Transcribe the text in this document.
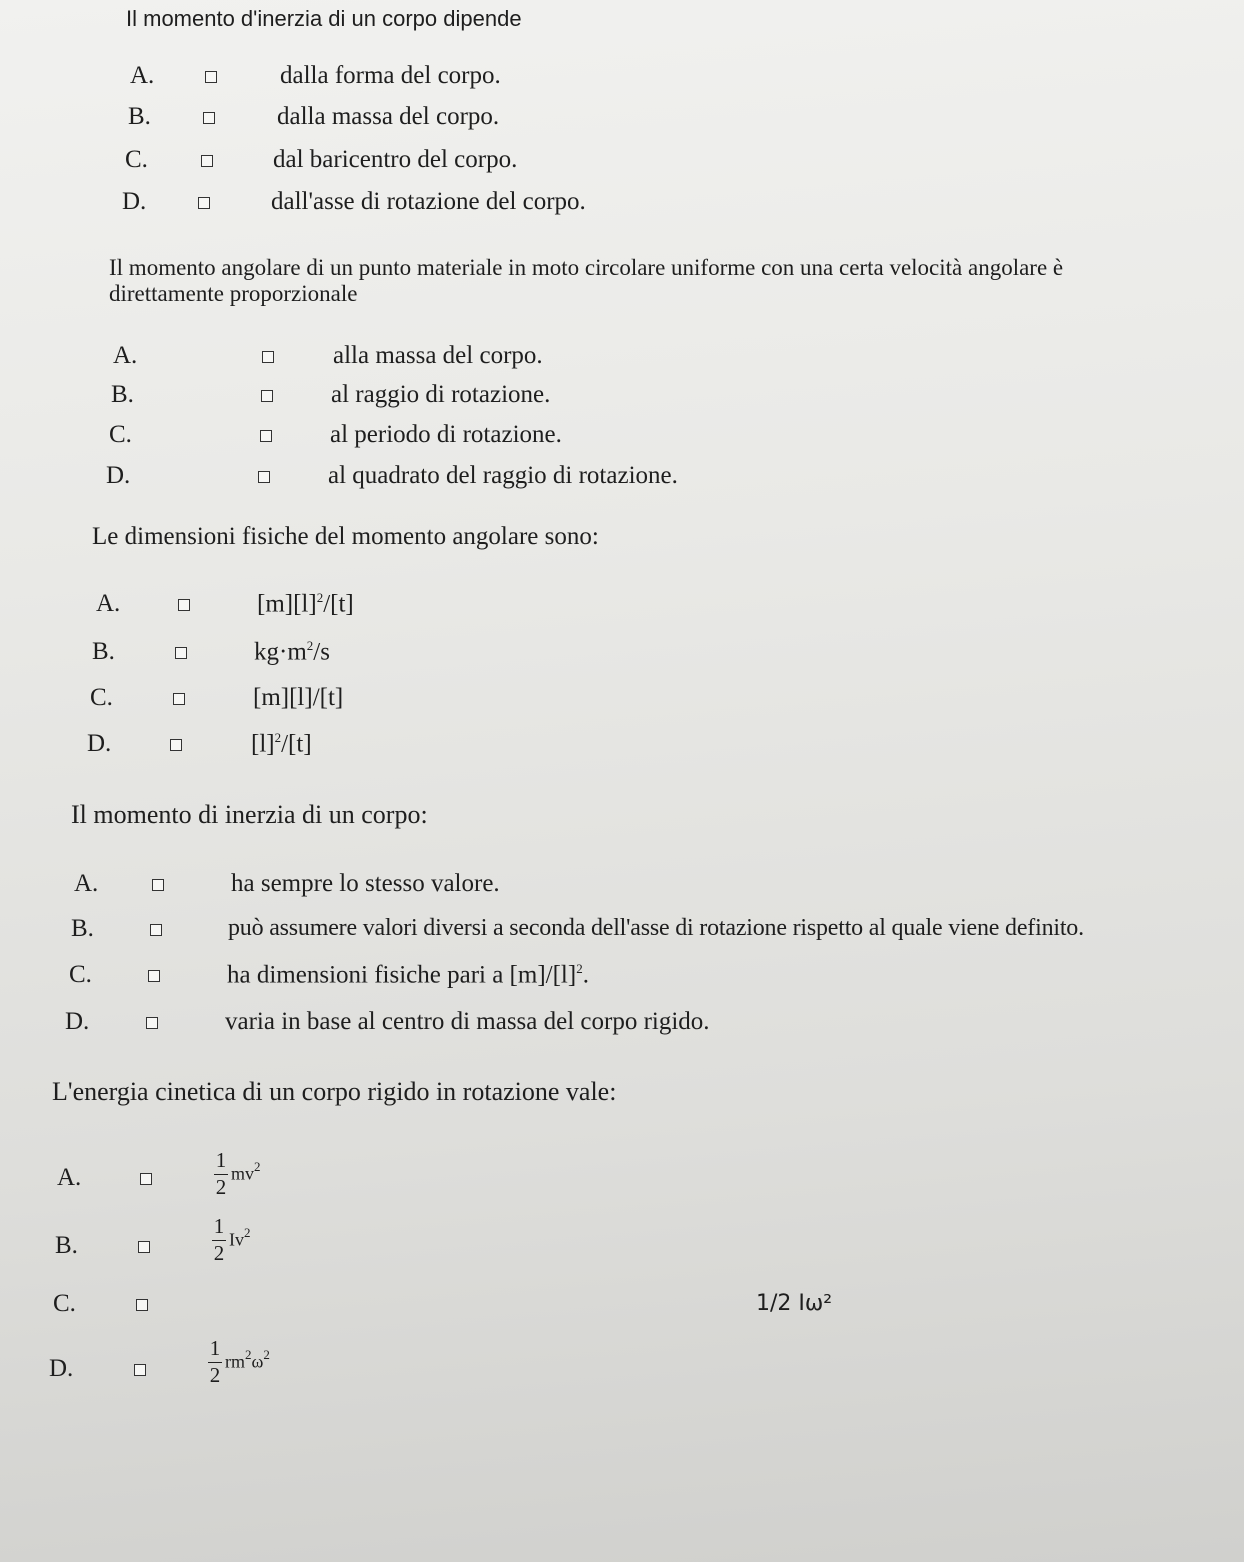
Il momento d'inerzia di un corpo dipende
A.	dalla forma del corpo.
B.	dalla massa del corpo.
C.	dal baricentro del corpo.
D.	dall'asse di rotazione del corpo.
Il momento angolare di un punto materiale in moto circolare uniforme con una certa velocità angolare è
direttamente proporzionale
A.	alla massa del corpo.
B.	al raggio di rotazione.
C.	al periodo di rotazione.
D.	al quadrato del raggio di rotazione.
Le dimensioni fisiche del momento angolare sono:
A.	$[m][l]^2/[t]$
B.	$kg\cdot m^2/s$
C.	[m][l]/[t]
D.	$[l]^2/[t]$
Il momento di inerzia di un corpo:
A.	ha sempre lo stesso valore.
B.	può assumere valori diversi a seconda dell'asse di rotazione rispetto al quale viene definito.
C.	ha dimensioni fisiche pari a $[m]/[l]^2$.
D.	varia in base al centro di massa del corpo rigido.
L'energia cinetica di un corpo rigido in rotazione vale:
A.	$\frac{1}{2} mv^2$
B.	$\frac{1}{2} Iv^2$
C.	1/2 Iω²
D.	$\frac{1}{2} rm^2\omega^2$
